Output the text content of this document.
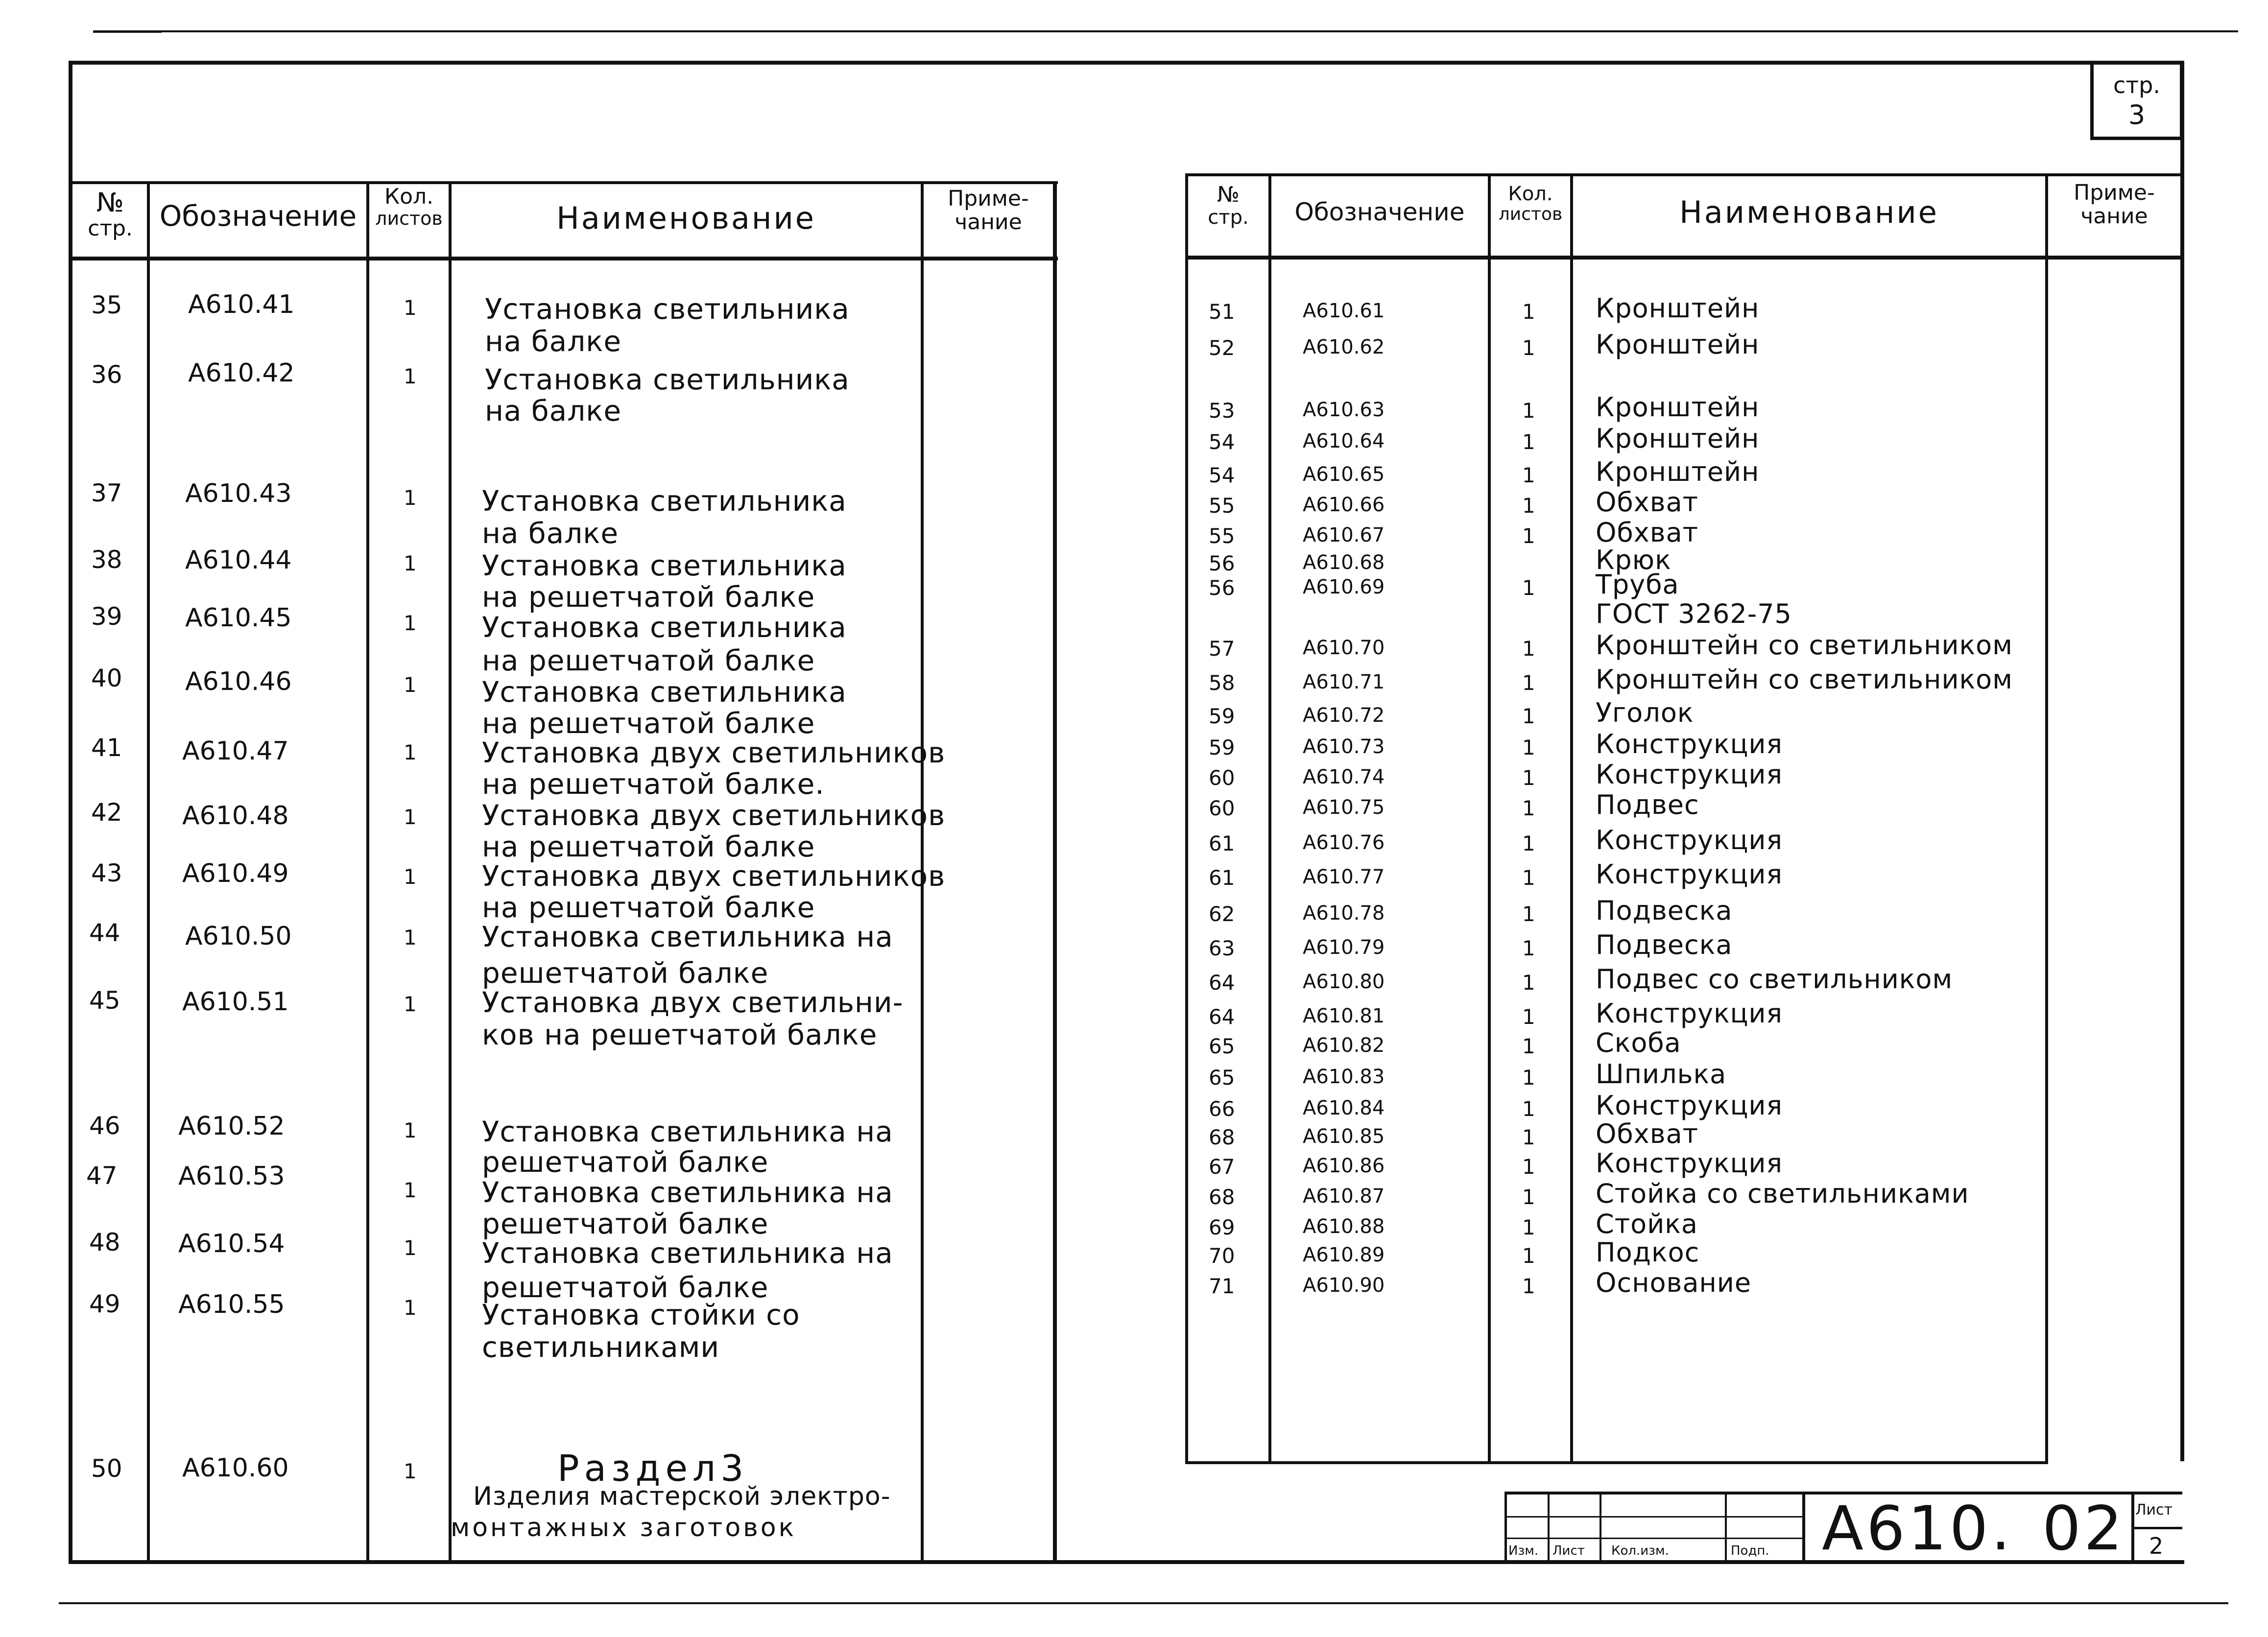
стр.
3
№
стр. Обозначение
Кол.
листов	Наименование
Приме-
чание
35	А610.41	1 Установка светильника
на балке
36	А610.42	1 Установка светильника
на балке
37 А610.43	1 Установка светильника
на балке
38 А610.44	1 Установка светильника
на решетчатой балке
39 А610.45	1 Установка светильника
на решетчатой балке
40 А610.46	1 Установка светильника
на решетчатой балке
41 А610.47	1 Установка двух светильников
на решетчатой балке.
42 А610.48	1 Установка двух светильников
на решетчатой балке
43 А610.49	1 Установка двух светильников
на решетчатой балке
44	А610.50	1 Установка светильника на
решетчатой балке
45 А610.51	1 Установка двух светильни-
ков на решетчатой балке
46 А610.52	1 Установка светильника на
решетчатой балке
47 А610.53	1 Установка светильника на
решетчатой балке
48 А610.54	1 Установка светильника на
решетчатой балке
49 А610.55	1 Установка стойки со
светильниками
50 А610.60	1	Раздел3
Изделия мастерской электро-
монтажных заготовок
№
стр.	Обозначение
Кол.
листов	Наименование
Приме-
чание
51	А610.61	1 Кронштейн
52	А610.62	1 Кронштейн
53	А610.63	1 Кронштейн
54	А610.64	1 Кронштейн
54	А610.65	1 Кронштейн
55	А610.66	1 Обхват
55	А610.67	1 Обхват
56	А610.68	Крюк
56	А610.69	1 Труба
ГОСТ 3262-75
57	А610.70	1 Кронштейн со светильником
58	А610.71	1 Кронштейн со светильником
59	А610.72	1 Уголок
59	А610.73	1 Конструкция
60	А610.74	1 Конструкция
60	А610.75	1 Подвес
61	А610.76	1 Конструкция
61	А610.77	1 Конструкция
62	А610.78	1 Подвеска
63	А610.79	1 Подвеска
64	А610.80	1 Подвес со светильником
64	А610.81	1 Конструкция
65	А610.82	1 Скоба
65	А610.83	1 Шпилька
66	А610.84	1 Конструкция
68	А610.85	1 Обхват
67	А610.86	1 Конструкция
68	А610.87	1 Стойка со светильниками
69	А610.88	1 Стойка
70	А610.89	1 Подкос
71	А610.90	1 Основание
Изм. Лист Кол.изм.	Подп. А610. 02 Лист
2
